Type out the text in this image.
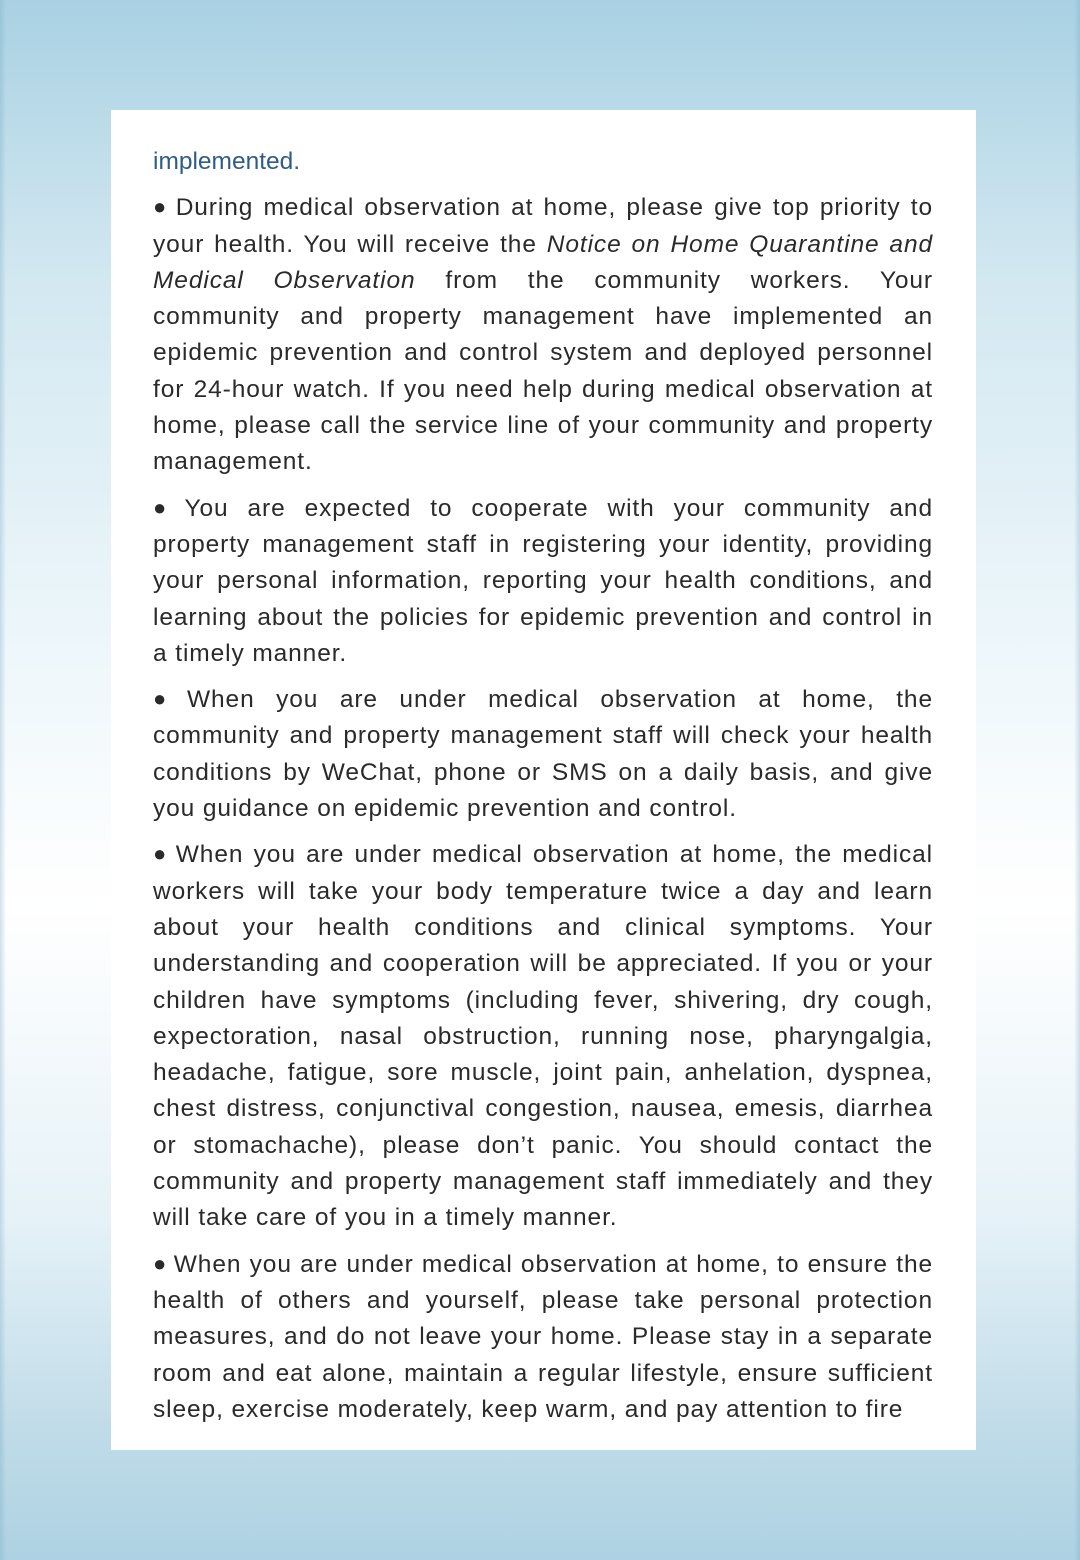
implemented.

● During medical observation at home, please give top priority to your health. You will receive the Notice on Home Quarantine and Medical Observation from the community workers. Your community and property management have implemented an epidemic prevention and control system and deployed personnel for 24-hour watch. If you need help during medical observation at home, please call the service line of your community and property management.

● You are expected to cooperate with your community and property management staff in registering your identity, providing your personal information, reporting your health conditions, and learning about the policies for epidemic prevention and control in a timely manner.

● When you are under medical observation at home, the community and property management staff will check your health conditions by WeChat, phone or SMS on a daily basis, and give you guidance on epidemic prevention and control.

● When you are under medical observation at home, the medical workers will take your body temperature twice a day and learn about your health conditions and clinical symptoms. Your understanding and cooperation will be appreciated. If you or your children have symptoms (including fever, shivering, dry cough, expectoration, nasal obstruction, running nose, pharyngalgia, headache, fatigue, sore muscle, joint pain, anhelation, dyspnea, chest distress, conjunctival congestion, nausea, emesis, diarrhea or stomachache), please don’t panic. You should contact the community and property management staff immediately and they will take care of you in a timely manner.

● When you are under medical observation at home, to ensure the health of others and yourself, please take personal protection measures, and do not leave your home. Please stay in a separate room and eat alone, maintain a regular lifestyle, ensure sufficient sleep, exercise moderately, keep warm, and pay attention to fire
